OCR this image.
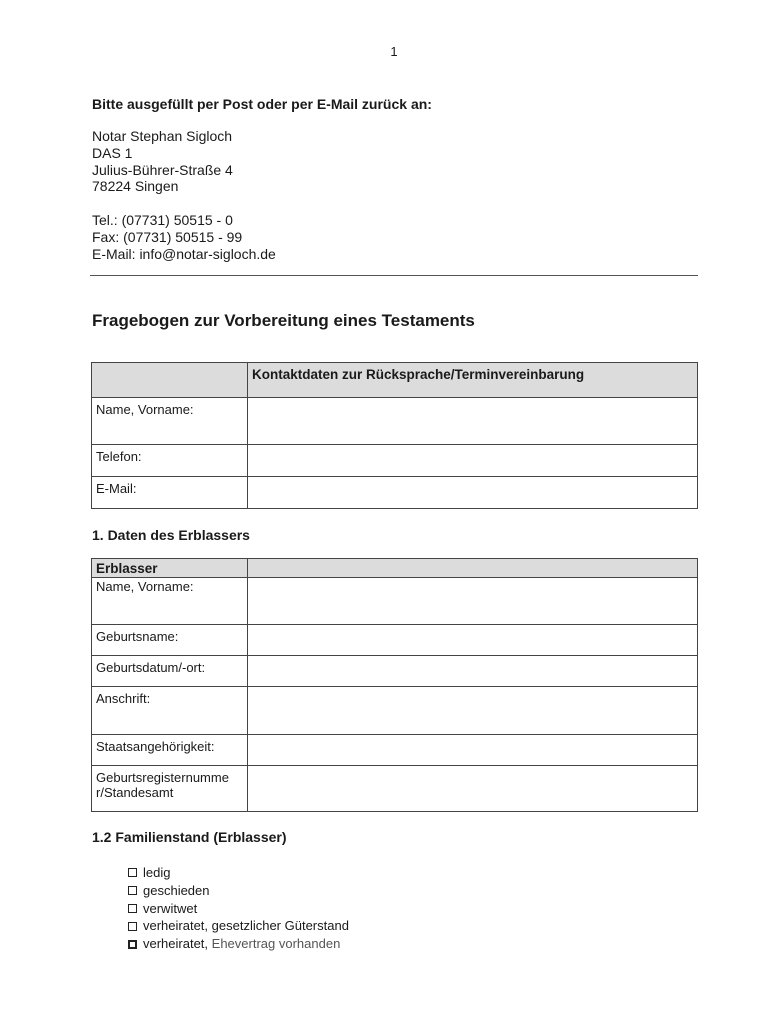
1
Bitte ausgefüllt per Post oder per E-Mail zurück an:
Notar Stephan Sigloch
DAS 1
Julius-Bührer-Straße 4
78224 Singen
Tel.: (07731) 50515 - 0
Fax: (07731) 50515 - 99
E-Mail: info@notar-sigloch.de
Fragebogen zur Vorbereitung eines Testaments

	Kontaktdaten zur Rücksprache/Terminvereinbarung

Name, Vorname:	
Telefon:	
E-Mail:	
1. Daten des Erblassers
Erblasser
Name, Vorname:	

Geburtsname:	
Geburtsdatum/-ort:	
Anschrift:	
Staatsangehörigkeit:	

Geburtsregisternumme
r/Standesamt	

1.2 Familienstand (Erblasser)
ledig
geschieden
verwitwet
verheiratet, gesetzlicher Güterstand
verheiratet, Ehevertrag vorhanden
